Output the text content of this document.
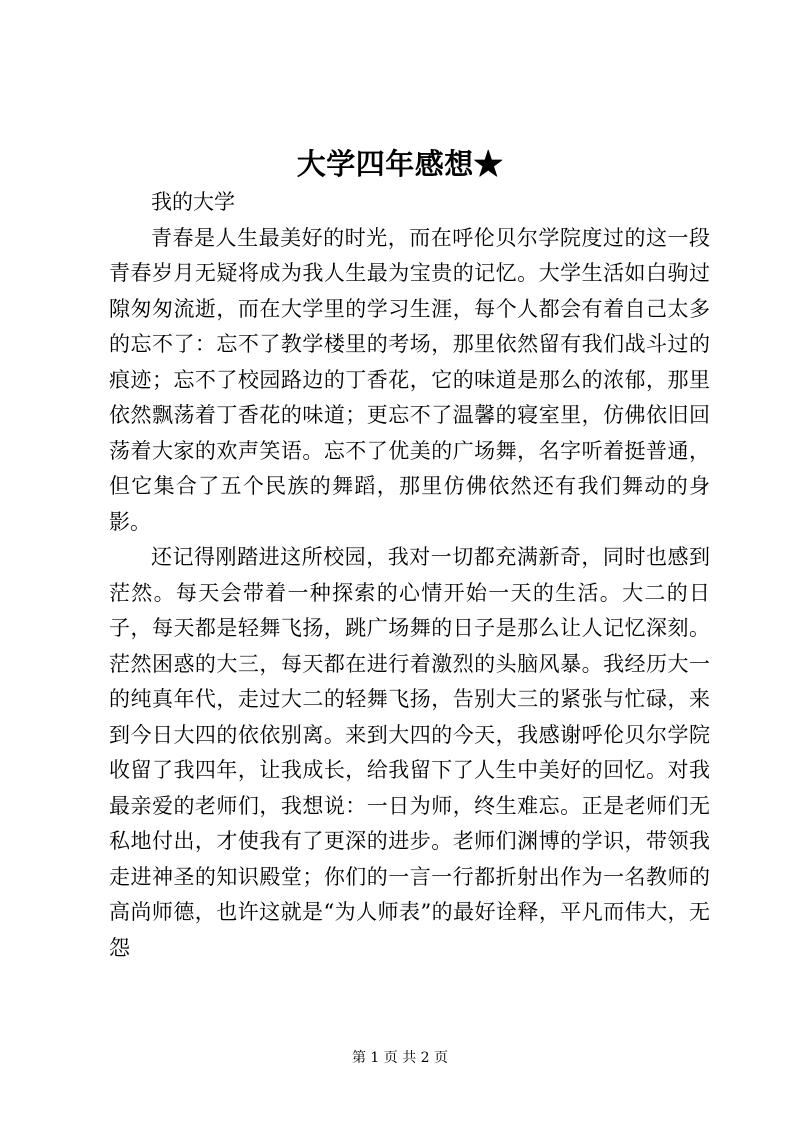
大学四年感想★

我的大学

青春是人生最美好的时光，而在呼伦贝尔学院度过的这一段青春岁月无疑将成为我人生最为宝贵的记忆。大学生活如白驹过隙匆匆流逝，而在大学里的学习生涯，每个人都会有着自己太多的忘不了：忘不了教学楼里的考场，那里依然留有我们战斗过的痕迹；忘不了校园路边的丁香花，它的味道是那么的浓郁，那里依然飘荡着丁香花的味道；更忘不了温馨的寝室里，仿佛依旧回荡着大家的欢声笑语。忘不了优美的广场舞，名字听着挺普通，但它集合了五个民族的舞蹈，那里仿佛依然还有我们舞动的身影。

还记得刚踏进这所校园，我对一切都充满新奇，同时也感到茫然。每天会带着一种探索的心情开始一天的生活。大二的日子，每天都是轻舞飞扬，跳广场舞的日子是那么让人记忆深刻。茫然困惑的大三，每天都在进行着激烈的头脑风暴。我经历大一的纯真年代，走过大二的轻舞飞扬，告别大三的紧张与忙碌，来到今日大四的依依别离。来到大四的今天，我感谢呼伦贝尔学院收留了我四年，让我成长，给我留下了人生中美好的回忆。对我最亲爱的老师们，我想说：一日为师，终生难忘。正是老师们无私地付出，才使我有了更深的进步。老师们渊博的学识，带领我走进神圣的知识殿堂；你们的一言一行都折射出作为一名教师的高尚师德，也许这就是“为人师表”的最好诠释，平凡而伟大，无怨

第 1 页 共 2 页
